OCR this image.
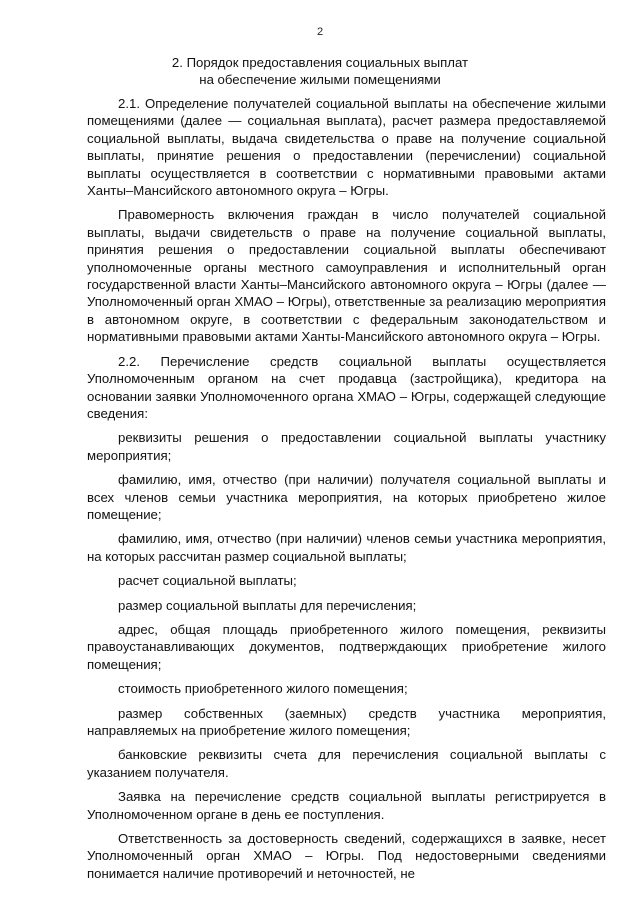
2
2. Порядок предоставления социальных выплат
на обеспечение жилыми помещениями

2.1. Определение получателей социальной выплаты на обеспечение жилыми помещениями (далее — социальная выплата), расчет размера предоставляемой социальной выплаты, выдача свидетельства о праве на получение социальной выплаты, принятие решения о предоставлении (перечислении) социальной выплаты осуществляется в соответствии с нормативными правовыми актами Ханты–Мансийского автономного округа – Югры.

Правомерность включения граждан в число получателей социальной выплаты, выдачи свидетельств о праве на получение социальной выплаты, принятия решения о предоставлении социальной выплаты обеспечивают уполномоченные органы местного самоуправления и исполнительный орган государственной власти Ханты–Мансийского автономного округа – Югры (далее — Уполномоченный орган ХМАО – Югры), ответственные за реализацию мероприятия в автономном округе, в соответствии с федеральным законодательством и нормативными правовыми актами Ханты-Мансийского автономного округа – Югры.

2.2. Перечисление средств социальной выплаты осуществляется Уполномоченным органом на счет продавца (застройщика), кредитора на основании заявки Уполномоченного органа ХМАО – Югры, содержащей следующие сведения:

реквизиты решения о предоставлении социальной выплаты участнику мероприятия;

фамилию, имя, отчество (при наличии) получателя социальной выплаты и всех членов семьи участника мероприятия, на которых приобретено жилое помещение;

фамилию, имя, отчество (при наличии) членов семьи участника мероприятия, на которых рассчитан размер социальной выплаты;

расчет социальной выплаты;

размер социальной выплаты для перечисления;

адрес, общая площадь приобретенного жилого помещения, реквизиты правоустанавливающих документов, подтверждающих приобретение жилого помещения;

стоимость приобретенного жилого помещения;

размер собственных (заемных) средств участника мероприятия, направляемых на приобретение жилого помещения;

банковские реквизиты счета для перечисления социальной выплаты с указанием получателя.

Заявка на перечисление средств социальной выплаты регистрируется в Уполномоченном органе в день ее поступления.

Ответственность за достоверность сведений, содержащихся в заявке, несет Уполномоченный орган ХМАО – Югры. Под недостоверными сведениями понимается наличие противоречий и неточностей, не
